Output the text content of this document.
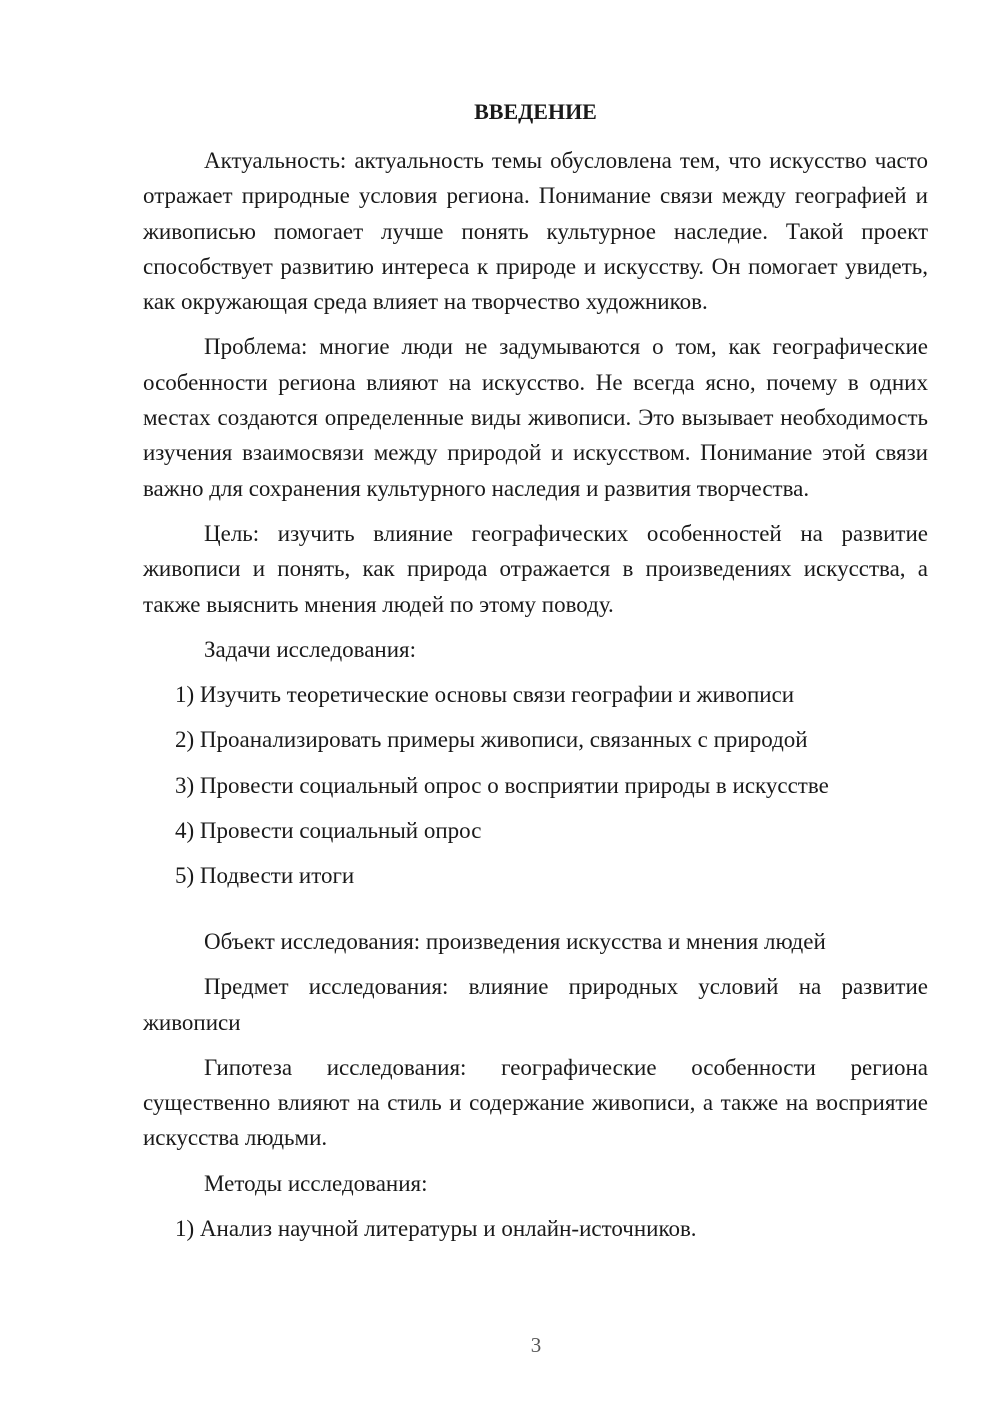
ВВЕДЕНИЕ

Актуальность: актуальность темы обусловлена тем, что искусство часто отражает природные условия региона. Понимание связи между географией и живописью помогает лучше понять культурное наследие. Такой проект способствует развитию интереса к природе и искусству. Он помогает увидеть, как окружающая среда влияет на творчество художников.

Проблема: многие люди не задумываются о том, как географические особенности региона влияют на искусство. Не всегда ясно, почему в одних местах создаются определенные виды живописи. Это вызывает необходимость изучения взаимосвязи между природой и искусством. Понимание этой связи важно для сохранения культурного наследия и развития творчества.

Цель: изучить влияние географических особенностей на развитие живописи и понять, как природа отражается в произведениях искусства, а также выяснить мнения людей по этому поводу.

Задачи исследования:

1) Изучить теоретические основы связи географии и живописи

2) Проанализировать примеры живописи, связанных с природой

3) Провести социальный опрос о восприятии природы в искусстве

4) Провести социальный опрос

5) Подвести итоги

Объект исследования: произведения искусства и мнения людей

Предмет исследования: влияние природных условий на развитие живописи

Гипотеза исследования: географические особенности региона существенно влияют на стиль и содержание живописи, а также на восприятие искусства людьми.

Методы исследования:

1) Анализ научной литературы и онлайн-источников.

3
